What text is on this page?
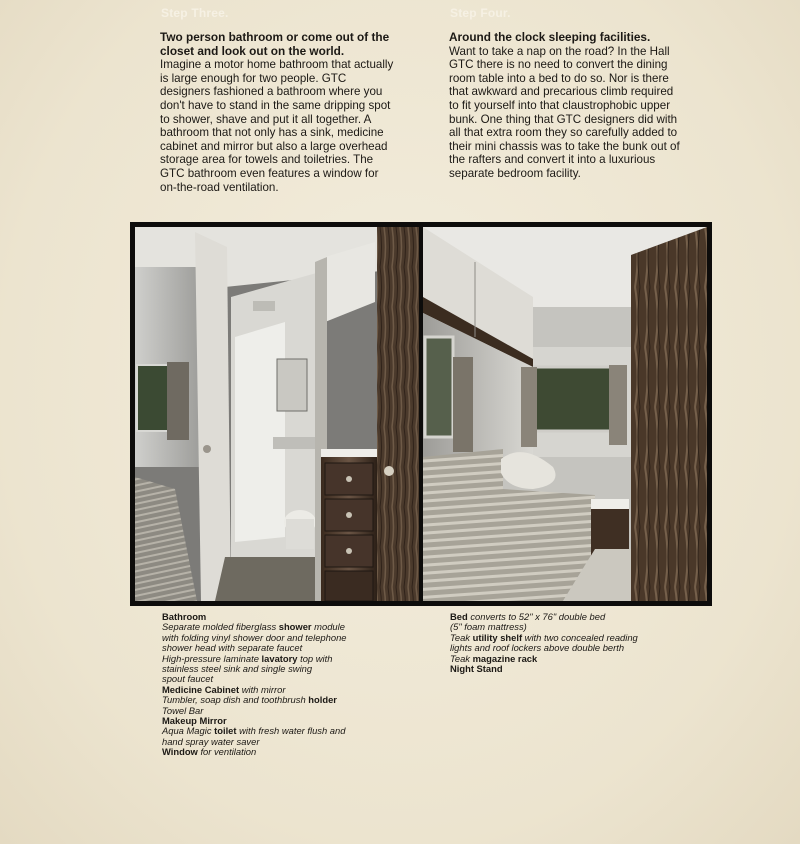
Step Three.	Step Four.
Two person bathroom or come out of the closet and look out on the world.

Imagine a motor home bathroom that actually is large enough for two people. GTC designers fashioned a bathroom where you don't have to stand in the same dripping spot to shower, shave and put it all together. A bathroom that not only has a sink, medicine cabinet and mirror but also a large overhead storage area for towels and toiletries. The GTC bathroom even features a window for on-the-road ventilation.

Around the clock sleeping facilities.

Want to take a nap on the road? In the Hall GTC there is no need to convert the dining room table into a bed to do so. Nor is there that awkward and precarious climb required to fit yourself into that claustrophobic upper bunk. One thing that GTC designers did with all that extra room they so carefully added to their mini chassis was to take the bunk out of the rafters and convert it into a luxurious separate bedroom facility.

Bathroom
Separate molded fiberglass shower module
with folding vinyl shower door and telephone
shower head with separate faucet
High-pressure laminate lavatory top with
stainless steel sink and single swing
spout faucet
Medicine Cabinet with mirror
Tumbler, soap dish and toothbrush holder
Towel Bar
Makeup Mirror
Aqua Magic toilet with fresh water flush and
hand spray water saver
Window for ventilation
Bed converts to 52" x 76" double bed
(5" foam mattress)
Teak utility shelf with two concealed reading
lights and roof lockers above double berth
Teak magazine rack
Night Stand
